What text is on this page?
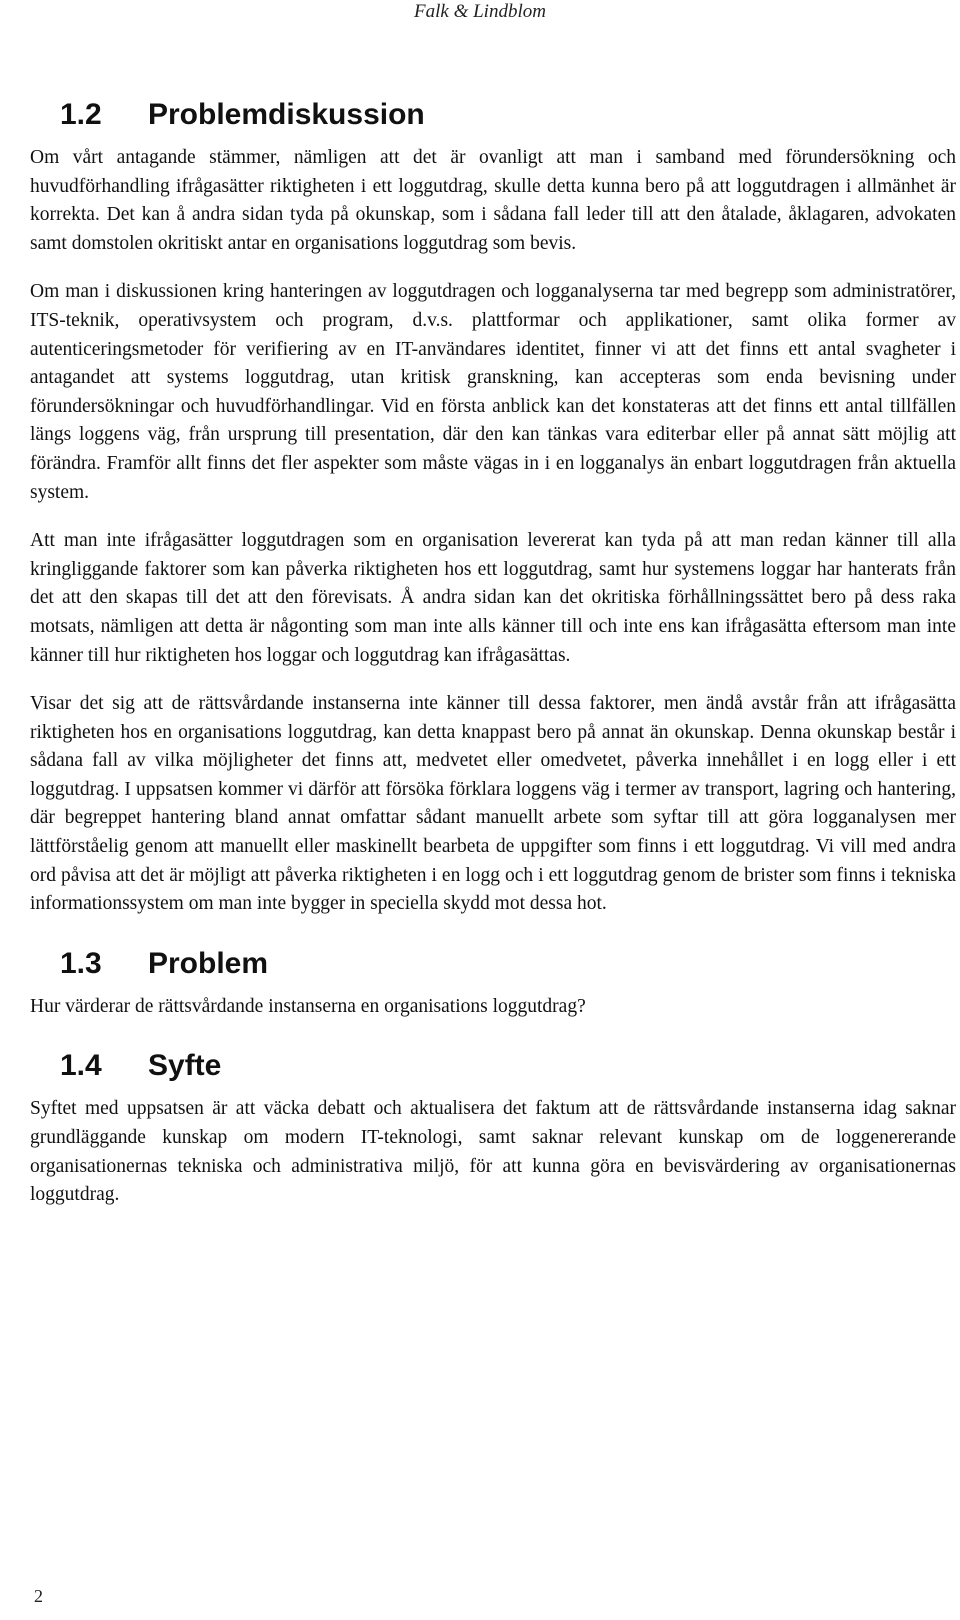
Falk & Lindblom
1.2 Problemdiskussion

Om vårt antagande stämmer, nämligen att det är ovanligt att man i samband med förundersökning och huvudförhandling ifrågasätter riktigheten i ett loggutdrag, skulle detta kunna bero på att loggutdragen i allmänhet är korrekta. Det kan å andra sidan tyda på okunskap, som i sådana fall leder till att den åtalade, åklagaren, advokaten samt domstolen okritiskt antar en organisations loggutdrag som bevis.

Om man i diskussionen kring hanteringen av loggutdragen och logganalyserna tar med begrepp som administratörer, ITS-teknik, operativsystem och program, d.v.s. plattformar och applikationer, samt olika former av autenticeringsmetoder för verifiering av en IT-användares identitet, finner vi att det finns ett antal svagheter i antagandet att systems loggutdrag, utan kritisk granskning, kan accepteras som enda bevisning under förundersökningar och huvudförhandlingar. Vid en första anblick kan det konstateras att det finns ett antal tillfällen längs loggens väg, från ursprung till presentation, där den kan tänkas vara editerbar eller på annat sätt möjlig att förändra. Framför allt finns det fler aspekter som måste vägas in i en logganalys än enbart loggutdragen från aktuella system.

Att man inte ifrågasätter loggutdragen som en organisation levererat kan tyda på att man redan känner till alla kringliggande faktorer som kan påverka riktigheten hos ett loggutdrag, samt hur systemens loggar har hanterats från det att den skapas till det att den förevisats. Å andra sidan kan det okritiska förhållningssättet bero på dess raka motsats, nämligen att detta är någonting som man inte alls känner till och inte ens kan ifrågasätta eftersom man inte känner till hur riktigheten hos loggar och loggutdrag kan ifrågasättas.

Visar det sig att de rättsvårdande instanserna inte känner till dessa faktorer, men ändå avstår från att ifrågasätta riktigheten hos en organisations loggutdrag, kan detta knappast bero på annat än okunskap. Denna okunskap består i sådana fall av vilka möjligheter det finns att, medvetet eller omedvetet, påverka innehållet i en logg eller i ett loggutdrag. I uppsatsen kommer vi därför att försöka förklara loggens väg i termer av transport, lagring och hantering, där begreppet hantering bland annat omfattar sådant manuellt arbete som syftar till att göra logganalysen mer lättförståelig genom att manuellt eller maskinellt bearbeta de uppgifter som finns i ett loggutdrag. Vi vill med andra ord påvisa att det är möjligt att påverka riktigheten i en logg och i ett loggutdrag genom de brister som finns i tekniska informationssystem om man inte bygger in speciella skydd mot dessa hot.

1.3 Problem

Hur värderar de rättsvårdande instanserna en organisations loggutdrag?

1.4 Syfte

Syftet med uppsatsen är att väcka debatt och aktualisera det faktum att de rättsvårdande instanserna idag saknar grundläggande kunskap om modern IT-teknologi, samt saknar relevant kunskap om de loggenererande organisationernas tekniska och administrativa miljö, för att kunna göra en bevisvärdering av organisationernas loggutdrag.

2
